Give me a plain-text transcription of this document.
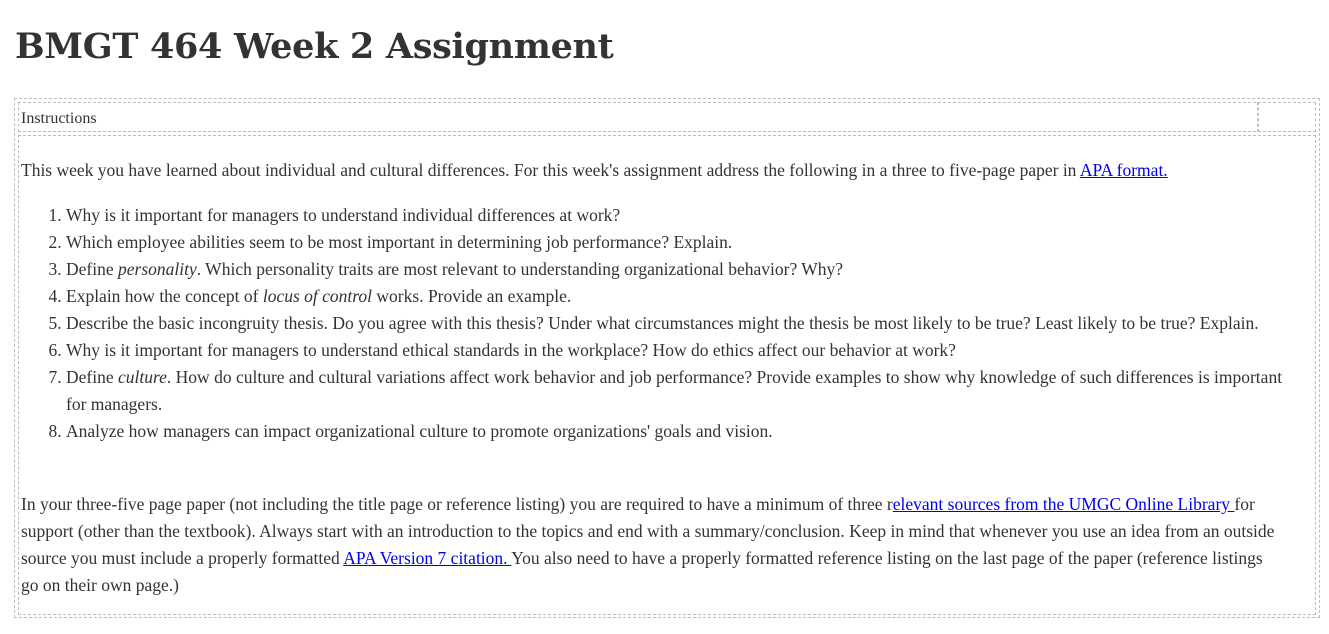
BMGT 464 Week 2 Assignment
Instructions
This week you have learned about individual and cultural differences. For this week's assignment address the following in a three to five-page paper in APA format.
1. Why is it important for managers to understand individual differences at work?
2. Which employee abilities seem to be most important in determining job performance? Explain.
3. Define personality. Which personality traits are most relevant to understanding organizational behavior? Why?
4. Explain how the concept of locus of control works. Provide an example.
5. Describe the basic incongruity thesis. Do you agree with this thesis? Under what circumstances might the thesis be most likely to be true? Least likely to be true? Explain.
6. Why is it important for managers to understand ethical standards in the workplace? How do ethics affect our behavior at work?
7. Define culture. How do culture and cultural variations affect work behavior and job performance? Provide examples to show why knowledge of such differences is important for managers.
8. Analyze how managers can impact organizational culture to promote organizations' goals and vision.
In your three-five page paper (not including the title page or reference listing) you are required to have a minimum of three relevant sources from the UMGC Online Library for support (other than the textbook). Always start with an introduction to the topics and end with a summary/conclusion. Keep in mind that whenever you use an idea from an outside source you must include a properly formatted APA Version 7 citation. You also need to have a properly formatted reference listing on the last page of the paper (reference listings go on their own page.)
